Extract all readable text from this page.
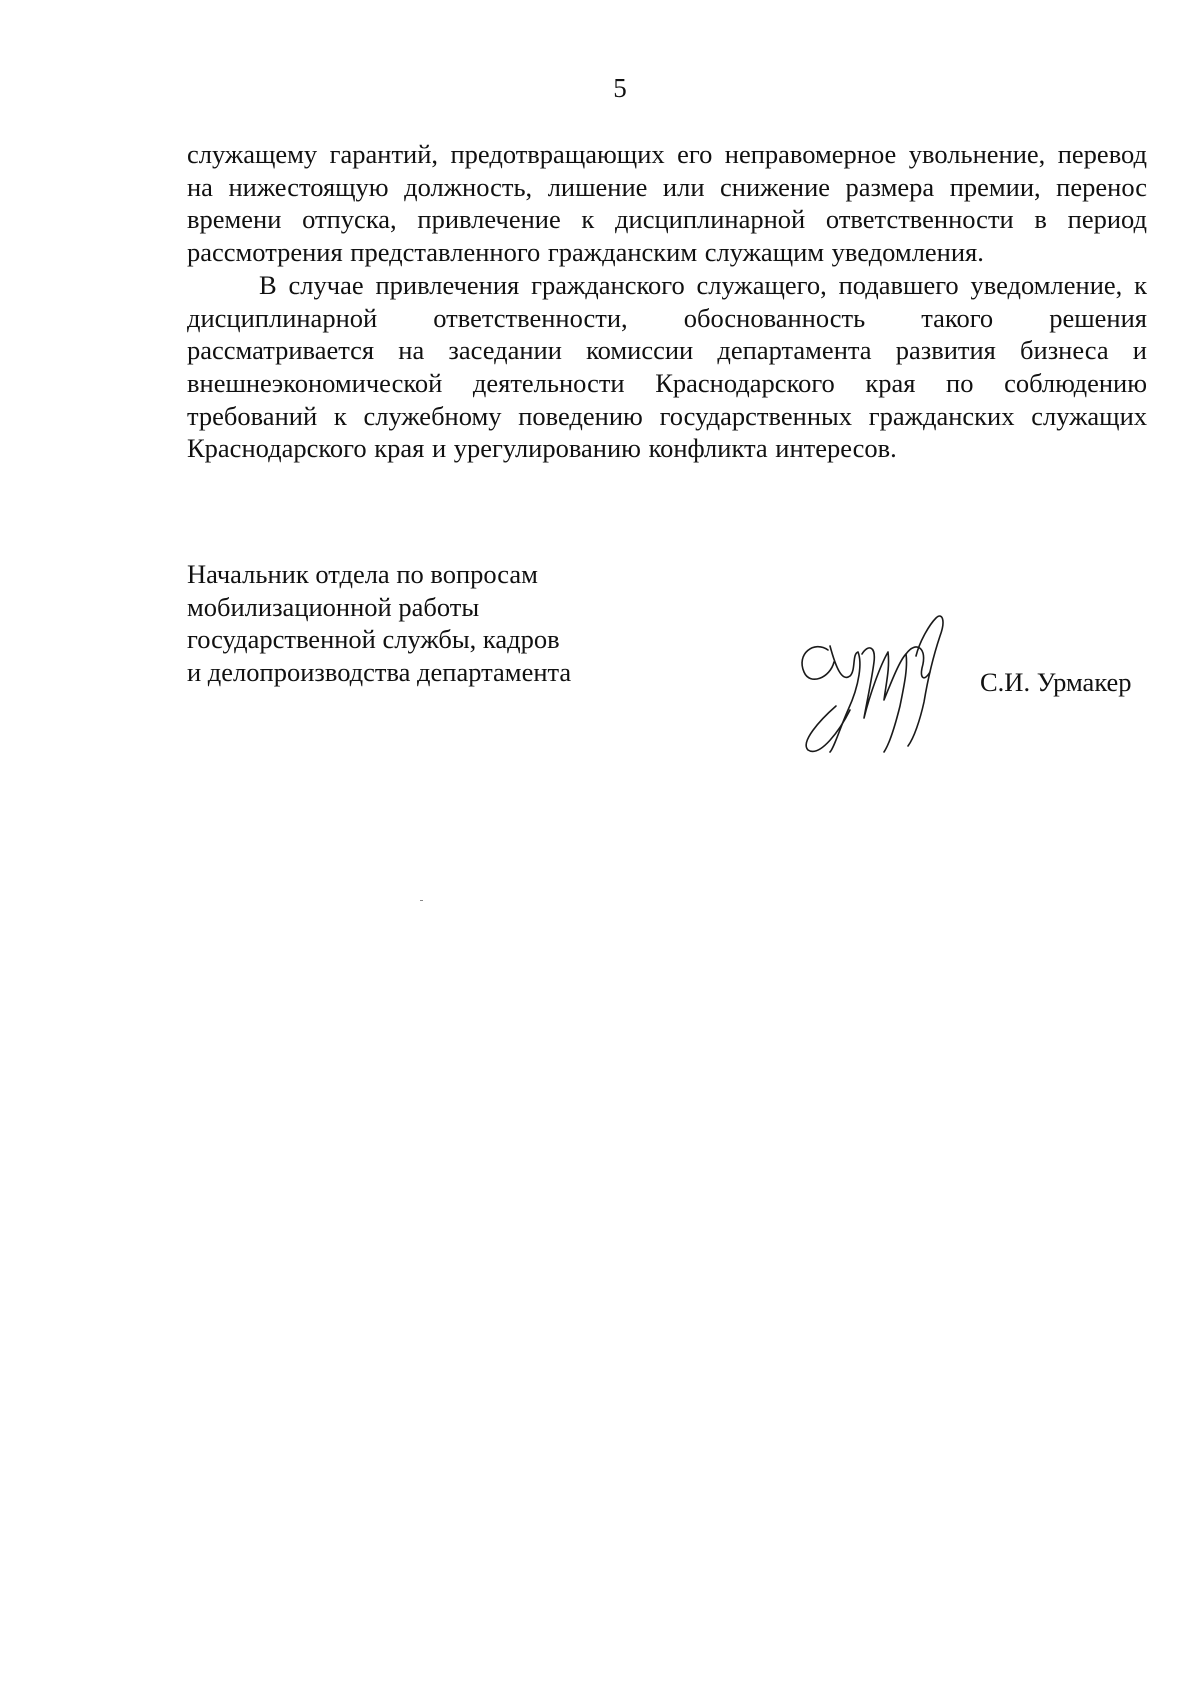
5

служащему гарантий, предотвращающих его неправомерное увольнение, перевод на нижестоящую должность, лишение или снижение размера премии, перенос времени отпуска, привлечение к дисциплинарной ответственности в период рассмотрения представленного гражданским служащим уведомления.

В случае привлечения гражданского служащего, подавшего уведомление, к дисциплинарной ответственности, обоснованность такого решения рассматривается на заседании комиссии департамента развития бизнеса и внешнеэкономической деятельности Краснодарского края по соблюдению требований к служебному поведению государственных гражданских служащих Краснодарского края и урегулированию конфликта интересов.

Начальник отдела по вопросам
мобилизационной работы
государственной службы, кадров
и делопроизводства департамента	С.И. Урмакер
